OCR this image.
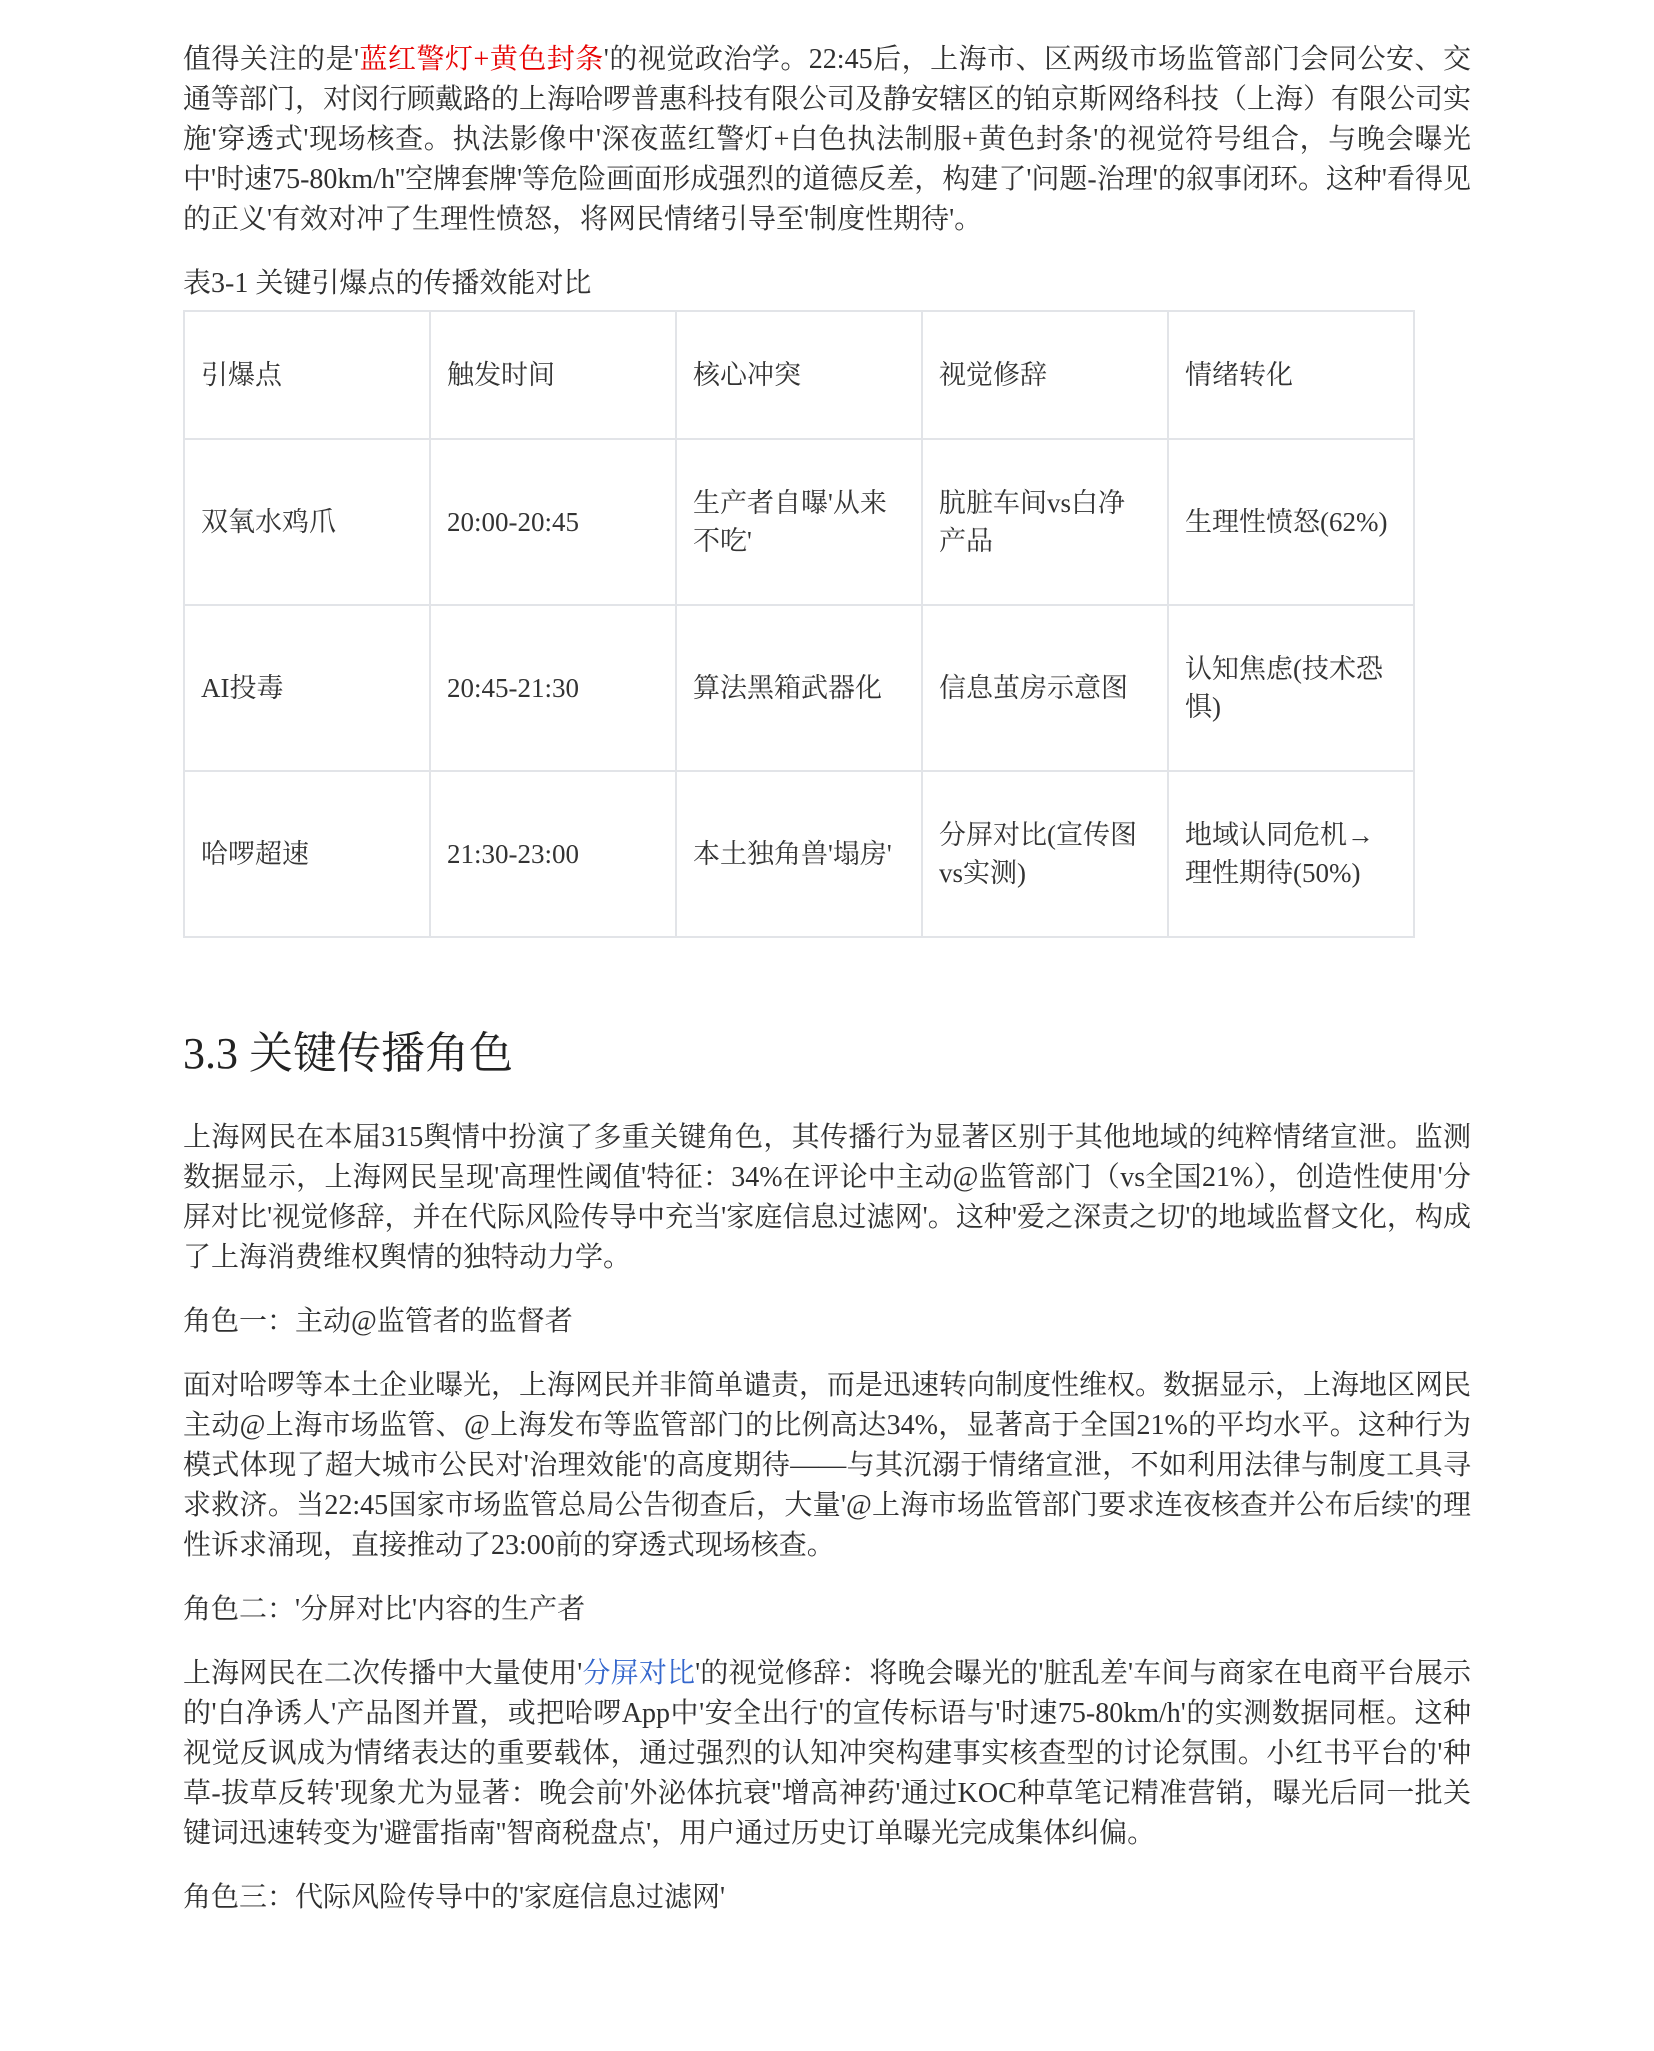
值得关注的是'蓝红警灯+黄色封条'的视觉政治学。22:45后，上海市、区两级市场监管部门会同公安、交通等部门，对闵行顾戴路的上海哈啰普惠科技有限公司及静安辖区的铂京斯网络科技（上海）有限公司实施'穿透式'现场核查。执法影像中'深夜蓝红警灯+白色执法制服+黄色封条'的视觉符号组合，与晚会曝光中'时速75-80km/h''空牌套牌'等危险画面形成强烈的道德反差，构建了'问题-治理'的叙事闭环。这种'看得见的正义'有效对冲了生理性愤怒，将网民情绪引导至'制度性期待'。

表3-1 关键引爆点的传播效能对比

引爆点	触发时间	核心冲突	视觉修辞	情绪转化
双氧水鸡爪	20:00-20:45	生产者自曝'从来不吃'	肮脏车间vs白净产品	生理性愤怒(62%)
AI投毒	20:45-21:30	算法黑箱武器化	信息茧房示意图	认知焦虑(技术恐惧)
哈啰超速	21:30-23:00	本土独角兽'塌房'	分屏对比(宣传图vs实测)	地域认同危机→理性期待(50%)
3.3 关键传播角色

上海网民在本届315舆情中扮演了多重关键角色，其传播行为显著区别于其他地域的纯粹情绪宣泄。监测数据显示，上海网民呈现'高理性阈值'特征：34%在评论中主动@监管部门（vs全国21%），创造性使用'分屏对比'视觉修辞，并在代际风险传导中充当'家庭信息过滤网'。这种'爱之深责之切'的地域监督文化，构成了上海消费维权舆情的独特动力学。

角色一：主动@监管者的监督者

面对哈啰等本土企业曝光，上海网民并非简单谴责，而是迅速转向制度性维权。数据显示，上海地区网民主动@上海市场监管、@上海发布等监管部门的比例高达34%，显著高于全国21%的平均水平。这种行为模式体现了超大城市公民对'治理效能'的高度期待——与其沉溺于情绪宣泄，不如利用法律与制度工具寻求救济。当22:45国家市场监管总局公告彻查后，大量'@上海市场监管部门要求连夜核查并公布后续'的理性诉求涌现，直接推动了23:00前的穿透式现场核查。

角色二：'分屏对比'内容的生产者

上海网民在二次传播中大量使用'分屏对比'的视觉修辞：将晚会曝光的'脏乱差'车间与商家在电商平台展示的'白净诱人'产品图并置，或把哈啰App中'安全出行'的宣传标语与'时速75-80km/h'的实测数据同框。这种视觉反讽成为情绪表达的重要载体，通过强烈的认知冲突构建事实核查型的讨论氛围。小红书平台的'种草-拔草反转'现象尤为显著：晚会前'外泌体抗衰''增高神药'通过KOC种草笔记精准营销，曝光后同一批关键词迅速转变为'避雷指南''智商税盘点'，用户通过历史订单曝光完成集体纠偏。

角色三：代际风险传导中的'家庭信息过滤网'
